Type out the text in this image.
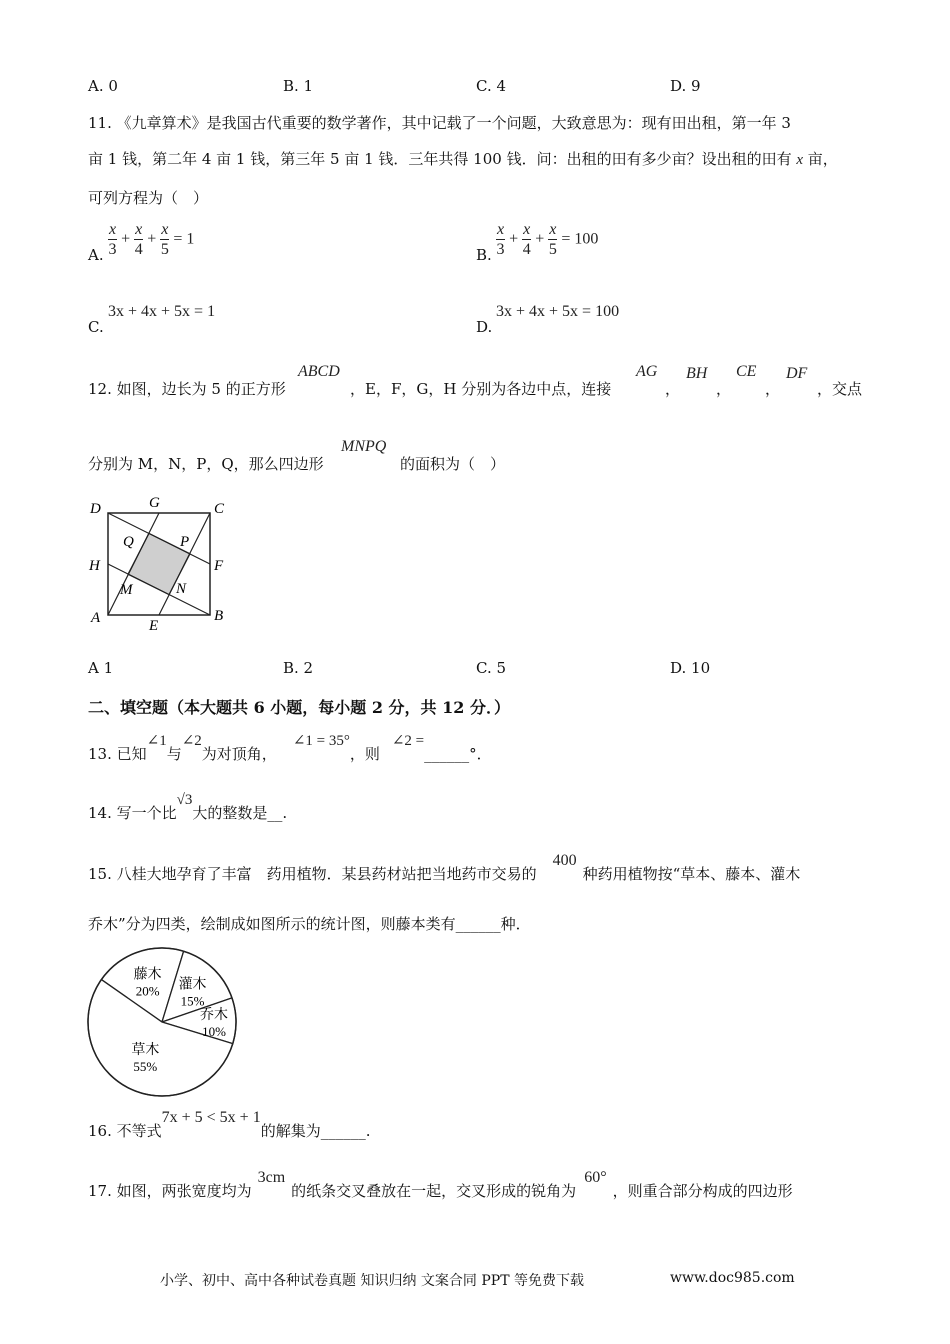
A. 0	B. 1	C. 4	D. 9
11. 《九章算术》是我国古代重要的数学著作，其中记载了一个问题，大致意思为：现有田出租，第一年 3
亩 1 钱，第二年 4 亩 1 钱，第三年 5 亩 1 钱．三年共得 100 钱．问：出租的田有多少亩？设出租的田有 x 亩，
可列方程为（　）
A. $\frac{x}{3} + \frac{x}{4} + \frac{x}{5} = 1$
B. $\frac{x}{3} + \frac{x}{4} + \frac{x}{5} = 100$
C.
3x + 4x + 5x = 1
D.
3x + 4x + 5x = 100
12. 如图，边长为 5 的正方形
ABCD
，E，F，G，H 分别为各边中点，连接
AG
，
BH
，
CE
，
DF
，交点
分别为 M，N，P，Q，那么四边形
MNPQ
的面积为（　）
D	G	C
Q	P
H	F
M	N
A	E
B
A 1	B. 2	C. 5	D. 10
二、填空题（本大题共 6 小题，每小题 2 分，共 12 分．）
13. 已知∠1与∠2为对顶角，∠1 = 35°，则∠2 =______°．
14. 写一个比√3大的整数是__.
15. 八桂大地孕育了丰富　药用植物．某县药材站把当地药市交易的400种药用植物按“草本、藤本、灌木
乔木”分为四类，绘制成如图所示的统计图，则藤本类有______种．
藤木
20% 灌木
15%
乔木
10%
草木
55%
16. 不等式7x + 5 < 5x + 1的解集为______.
17. 如图，两张宽度均为3cm的纸条交叉叠放在一起，交叉形成的锐角为60°，则重合部分构成的四边形
小学、初中、高中各种试卷真题 知识归纳 文案合同 PPT 等免费下载	www.doc985.com
